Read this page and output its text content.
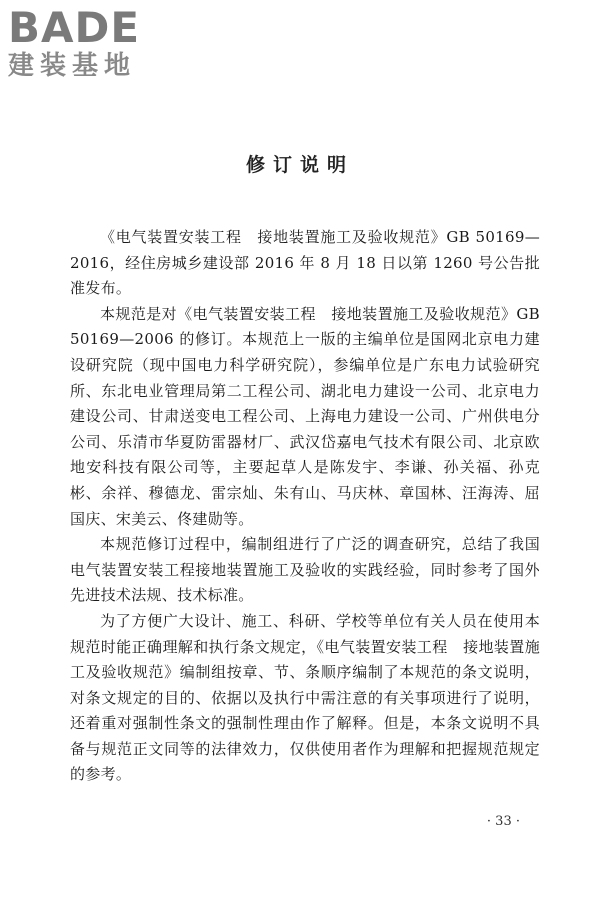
BADE
建装基地
修订说明

《电气装置安装工程　接地装置施工及验收规范》GB 50169—2016，经住房城乡建设部 2016 年 8 月 18 日以第 1260 号公告批准发布。

本规范是对《电气装置安装工程　接地装置施工及验收规范》GB 50169—2006 的修订。本规范上一版的主编单位是国网北京电力建设研究院（现中国电力科学研究院），参编单位是广东电力试验研究所、东北电业管理局第二工程公司、湖北电力建设一公司、北京电力建设公司、甘肃送变电工程公司、上海电力建设一公司、广州供电分公司、乐清市华夏防雷器材厂、武汉岱嘉电气技术有限公司、北京欧地安科技有限公司等，主要起草人是陈发宇、李谦、孙关福、孙克彬、余祥、穆德龙、雷宗灿、朱有山、马庆林、章国林、汪海涛、屈国庆、宋美云、佟建勋等。

本规范修订过程中，编制组进行了广泛的调查研究，总结了我国电气装置安装工程接地装置施工及验收的实践经验，同时参考了国外先进技术法规、技术标准。

为了方便广大设计、施工、科研、学校等单位有关人员在使用本规范时能正确理解和执行条文规定，《电气装置安装工程　接地装置施工及验收规范》编制组按章、节、条顺序编制了本规范的条文说明，对条文规定的目的、依据以及执行中需注意的有关事项进行了说明，还着重对强制性条文的强制性理由作了解释。但是，本条文说明不具备与规范正文同等的法律效力，仅供使用者作为理解和把握规范规定的参考。

· 33 ·
